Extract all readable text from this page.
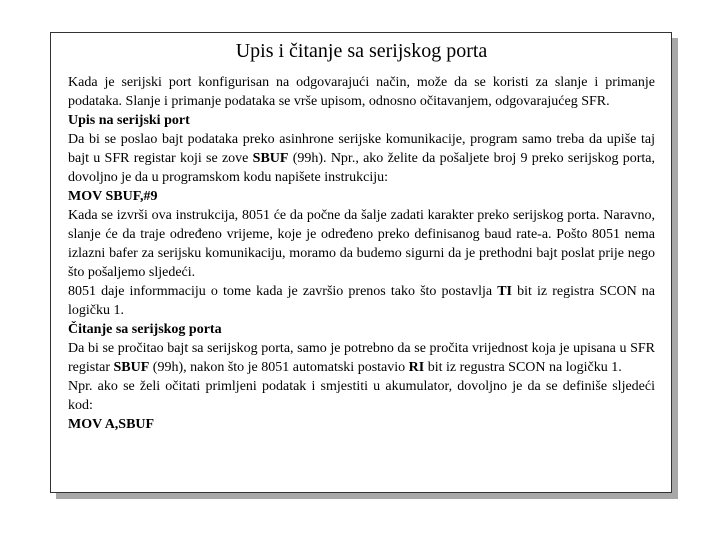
Upis i čitanje sa serijskog porta

Kada je serijski port konfigurisan na odgovarajući način, može da se koristi za slanje i primanje podataka. Slanje i primanje podataka se vrše upisom, odnosno očitavanjem, odgovarajućeg SFR.

Upis na serijski port

Da bi se poslao bajt podataka preko asinhrone serijske komunikacije, program samo treba da upiše taj bajt u SFR registar koji se zove SBUF (99h). Npr., ako želite da pošaljete broj 9 preko serijskog porta, dovoljno je da u programskom kodu napišete instrukciju:

MOV SBUF,#9

Kada se izvrši ova instrukcija, 8051 će da počne da šalje zadati karakter preko serijskog porta. Naravno, slanje će da traje određeno vrijeme, koje je određeno preko definisanog baud rate-a. Pošto 8051 nema izlazni bafer za serijsku komunikaciju, moramo da budemo sigurni da je prethodni bajt poslat prije nego što pošaljemo sljedeći.

8051 daje informmaciju o tome kada je završio prenos tako što postavlja TI bit iz registra SCON na logičku 1.

Čitanje sa serijskog porta

Da bi se pročitao bajt sa serijskog porta, samo je potrebno da se pročita vrijednost koja je upisana u SFR registar SBUF (99h), nakon što je 8051 automatski postavio RI bit iz regustra SCON na logičku 1.

Npr. ako se želi očitati primljeni podatak i smjestiti u akumulator, dovoljno je da se definiše sljedeći kod:

MOV A,SBUF
